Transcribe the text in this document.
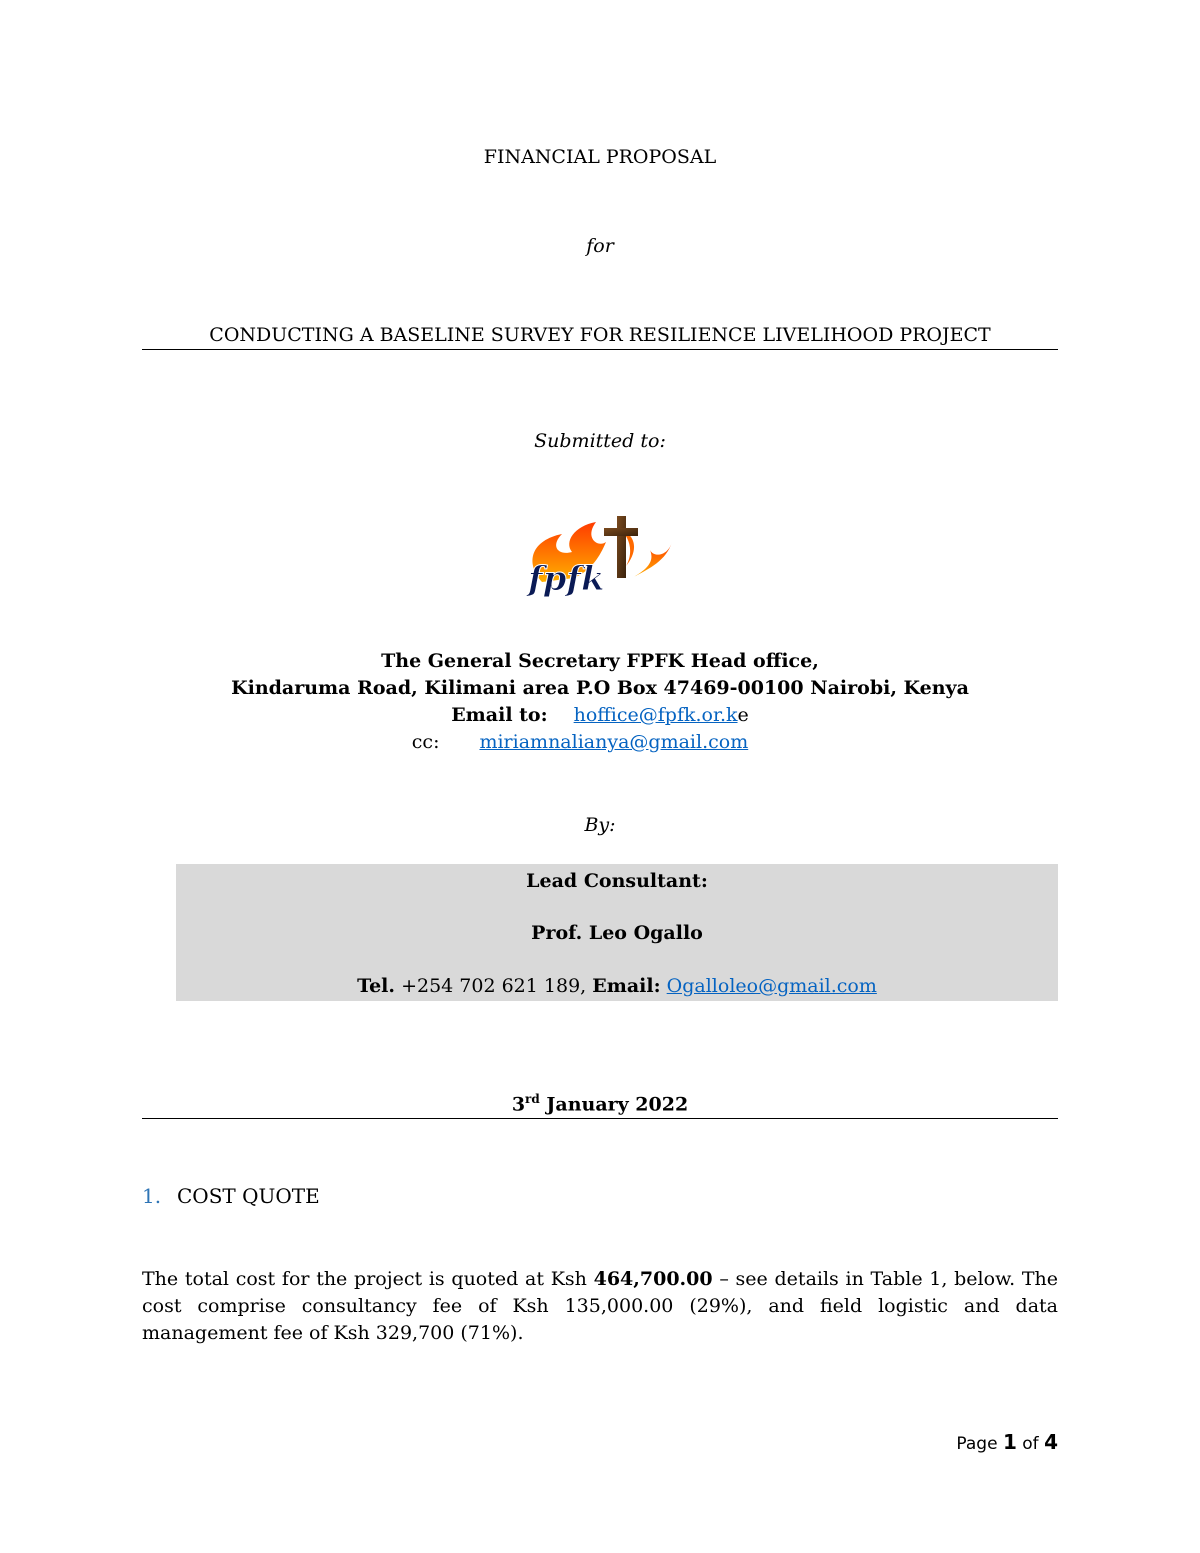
FINANCIAL PROPOSAL
for
CONDUCTING A BASELINE SURVEY FOR RESILIENCE LIVELIHOOD PROJECT
Submitted to:
fpfk
The General Secretary FPFK Head office,
Kindaruma Road, Kilimani area P.O Box 47469-00100 Nairobi, Kenya
Email to: hoffice@fpfk.or.ke
cc: miriamnalianya@gmail.com
By:
Lead Consultant:
Prof. Leo Ogallo
Tel. +254 702 621 189, Email: Ogalloleo@gmail.com
3rd January 2022
1. COST QUOTE
The total cost for the project is quoted at Ksh 464,700.00 – see details in Table 1, below. The cost comprise consultancy fee of Ksh 135,000.00 (29%), and field logistic and data management fee of Ksh 329,700 (71%).
Page 1 of 4
